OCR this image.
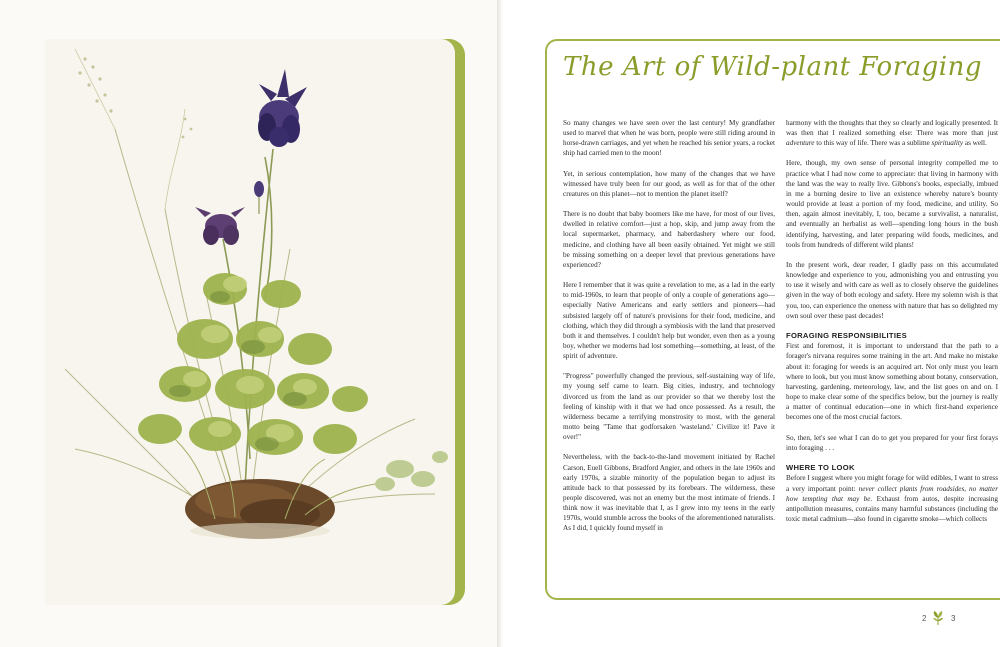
The Art of Wild-plant Foraging

So many changes we have seen over the last century! My grandfather used to marvel that when he was born, people were still riding around in horse-drawn carriages, and yet when he reached his senior years, a rocket ship had carried men to the moon!

Yet, in serious contemplation, how many of the changes that we have witnessed have truly been for our good, as well as for that of the other creatures on this planet—not to mention the planet itself?

There is no doubt that baby boomers like me have, for most of our lives, dwelled in relative comfort—just a hop, skip, and jump away from the local supermarket, pharmacy, and haberdashery where our food, medicine, and clothing have all been easily obtained. Yet might we still be missing something on a deeper level that previous generations have experienced?

Here I remember that it was quite a revelation to me, as a lad in the early to mid-1960s, to learn that people of only a couple of generations ago—especially Native Americans and early settlers and pioneers—had subsisted largely off of nature's provisions for their food, medicine, and clothing, which they did through a symbiosis with the land that preserved both it and themselves. I couldn't help but wonder, even then as a young boy, whether we moderns had lost something—something, at least, of the spirit of adventure.

"Progress" powerfully changed the previous, self-sustaining way of life, my young self came to learn. Big cities, industry, and technology divorced us from the land as our provider so that we thereby lost the feeling of kinship with it that we had once possessed. As a result, the wilderness became a terrifying monstrosity to most, with the general motto being "Tame that godforsaken 'wasteland.' Civilize it! Pave it over!"

Nevertheless, with the back-to-the-land movement initiated by Rachel Carson, Euell Gibbons, Bradford Angier, and others in the late 1960s and early 1970s, a sizable minority of the population began to adjust its attitude back to that possessed by its forebears. The wilderness, these people discovered, was not an enemy but the most intimate of friends. I think now it was inevitable that I, as I grew into my teens in the early 1970s, would stumble across the books of the aforementioned naturalists. As I did, I quickly found myself in

harmony with the thoughts that they so clearly and logically presented. It was then that I realized something else: There was more than just adventure to this way of life. There was a sublime spirituality as well.

Here, though, my own sense of personal integrity compelled me to practice what I had now come to appreciate: that living in harmony with the land was the way to really live. Gibbons's books, especially, imbued in me a burning desire to live an existence whereby nature's bounty would provide at least a portion of my food, medicine, and utility. So then, again almost inevitably, I, too, became a survivalist, a naturalist, and eventually an herbalist as well—spending long hours in the bush identifying, harvesting, and later preparing wild foods, medicines, and tools from hundreds of different wild plants!

In the present work, dear reader, I gladly pass on this accumulated knowledge and experience to you, admonishing you and entrusting you to use it wisely and with care as well as to closely observe the guidelines given in the way of both ecology and safety. Here my solemn wish is that you, too, can experience the oneness with nature that has so delighted my own soul over these past decades!

FORAGING RESPONSIBILITIES

First and foremost, it is important to understand that the path to a forager's nirvana requires some training in the art. And make no mistake about it: foraging for weeds is an acquired art. Not only must you learn where to look, but you must know something about botany, conservation, harvesting, gardening, meteorology, law, and the list goes on and on. I hope to make clear some of the specifics below, but the journey is really a matter of continual education—one in which first-hand experience becomes one of the most crucial factors.

So, then, let's see what I can do to get you prepared for your first forays into foraging . . .

WHERE TO LOOK

Before I suggest where you might forage for wild edibles, I want to stress a very important point: never collect plants from roadsides, no matter how tempting that may be. Exhaust from autos, despite increasing antipollution measures, contains many harmful substances (including the toxic metal cadmium—also found in cigarette smoke—which collects

2	3
